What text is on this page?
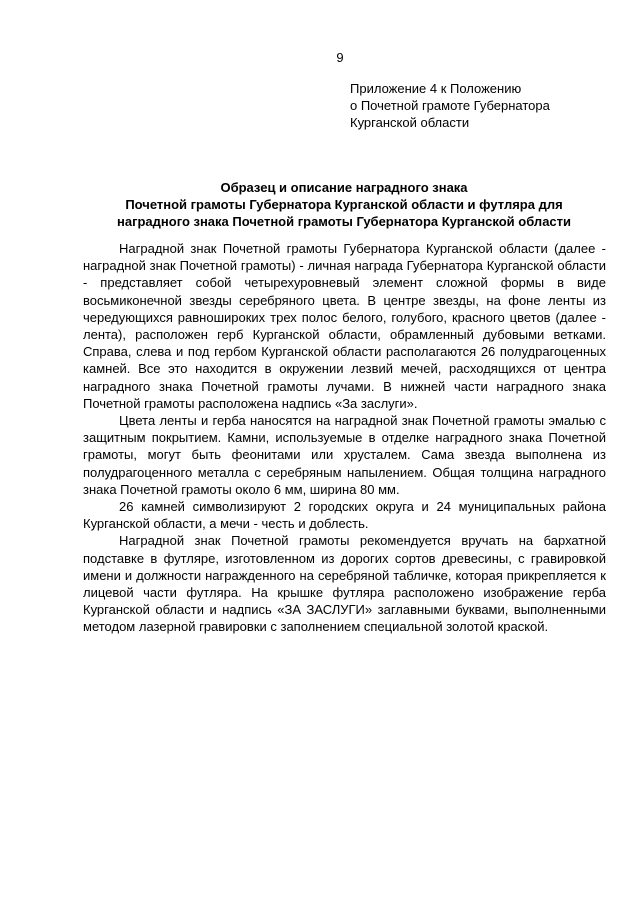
9
Приложение 4 к Положению
о Почетной грамоте Губернатора
Курганской области
Образец и описание наградного знака
Почетной грамоты Губернатора Курганской области и футляра для
наградного знака Почетной грамоты Губернатора Курганской области

Наградной знак Почетной грамоты Губернатора Курганской области (далее - наградной знак Почетной грамоты) - личная награда Губернатора Курганской области - представляет собой четырехуровневый элемент сложной формы в виде восьмиконечной звезды серебряного цвета. В центре звезды, на фоне ленты из чередующихся равноширокиx трех полос белого, голубого, красного цветов (далее - лента), расположен герб Курганской области, обрамленный дубовыми ветками. Справа, слева и под гербом Курганской области располагаются 26 полудрагоценных камней. Все это находится в окружении лезвий мечей, расходящихся от центра наградного знака Почетной грамоты лучами. В нижней части наградного знака Почетной грамоты расположена надпись «За заслуги».

Цвета ленты и герба наносятся на наградной знак Почетной грамоты эмалью с защитным покрытием. Камни, используемые в отделке наградного знака Почетной грамоты, могут быть феонитами или хрусталем. Сама звезда выполнена из полудрагоценного металла с серебряным напылением. Общая толщина наградного знака Почетной грамоты около 6 мм, ширина 80 мм.

26 камней символизируют 2 городских округа и 24 муниципальных района Курганской области, а мечи - честь и доблесть.

Наградной знак Почетной грамоты рекомендуется вручать на бархатной подставке в футляре, изготовленном из дорогих сортов древесины, с гравировкой имени и должности награжденного на серебряной табличке, которая прикрепляется к лицевой части футляра. На крышке футляра расположено изображение герба Курганской области и надпись «ЗА ЗАСЛУГИ» заглавными буквами, выполненными методом лазерной гравировки с заполнением специальной золотой краской.
